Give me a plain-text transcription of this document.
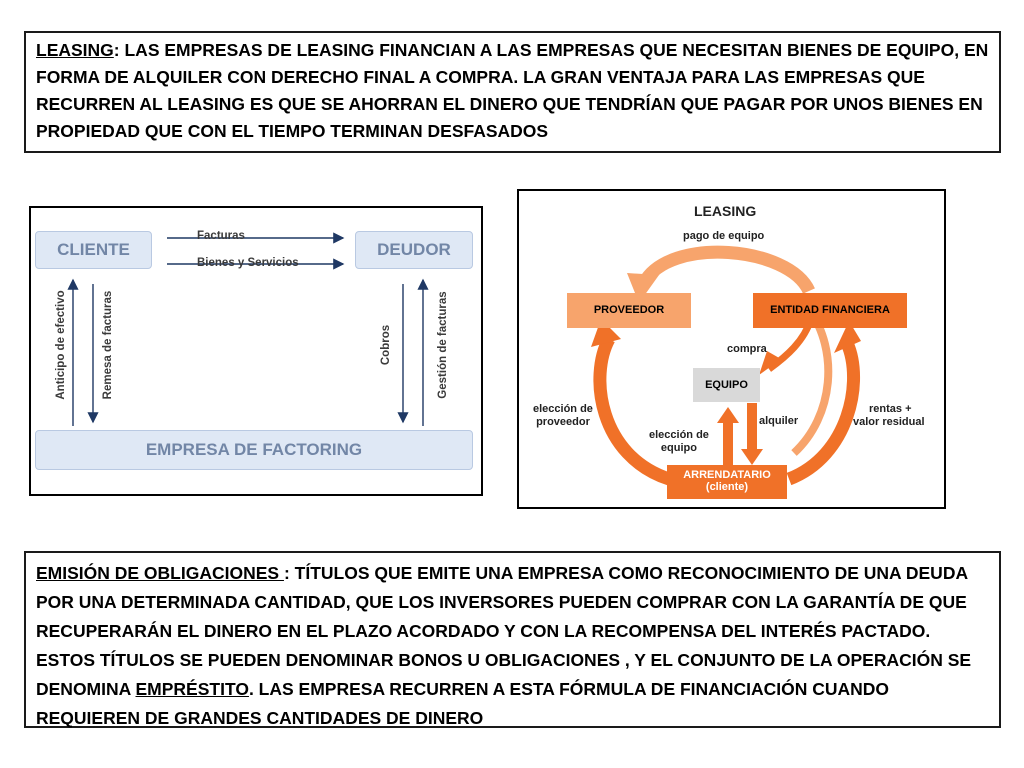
LEASING: LAS EMPRESAS DE LEASING FINANCIAN A LAS EMPRESAS QUE NECESITAN BIENES DE EQUIPO, EN FORMA DE ALQUILER CON DERECHO FINAL A COMPRA. LA GRAN VENTAJA PARA LAS EMPRESAS QUE RECURREN AL LEASING ES QUE SE AHORRAN EL DINERO QUE TENDRÍAN QUE PAGAR POR UNOS BIENES EN PROPIEDAD QUE CON EL TIEMPO TERMINAN DESFASADOS
CLIENTE	DEUDOR
EMPRESA DE FACTORING
Facturas
Bienes y Servicios
Anticipo de efectivo	Remesa de facturas	Cobros	Gestión de facturas
LEASING
pago de equipo
PROVEEDOR	ENTIDAD FINANCIERA
compra
EQUIPO
elección de
proveedor
elección de
equipo
alquiler
rentas +
valor residual
ARRENDATARIO
(cliente)
EMISIÓN DE OBLIGACIONES : TÍTULOS QUE EMITE UNA EMPRESA COMO RECONOCIMIENTO DE UNA DEUDA POR UNA DETERMINADA CANTIDAD, QUE LOS INVERSORES PUEDEN COMPRAR CON LA GARANTÍA DE QUE RECUPERARÁN EL DINERO EN EL PLAZO ACORDADO Y CON LA RECOMPENSA DEL INTERÉS PACTADO. ESTOS TÍTULOS SE PUEDEN DENOMINAR BONOS U OBLIGACIONES , Y EL CONJUNTO DE LA OPERACIÓN SE DENOMINA EMPRÉSTITO. LAS EMPRESA RECURREN A ESTA FÓRMULA DE FINANCIACIÓN CUANDO REQUIEREN DE GRANDES CANTIDADES DE DINERO
